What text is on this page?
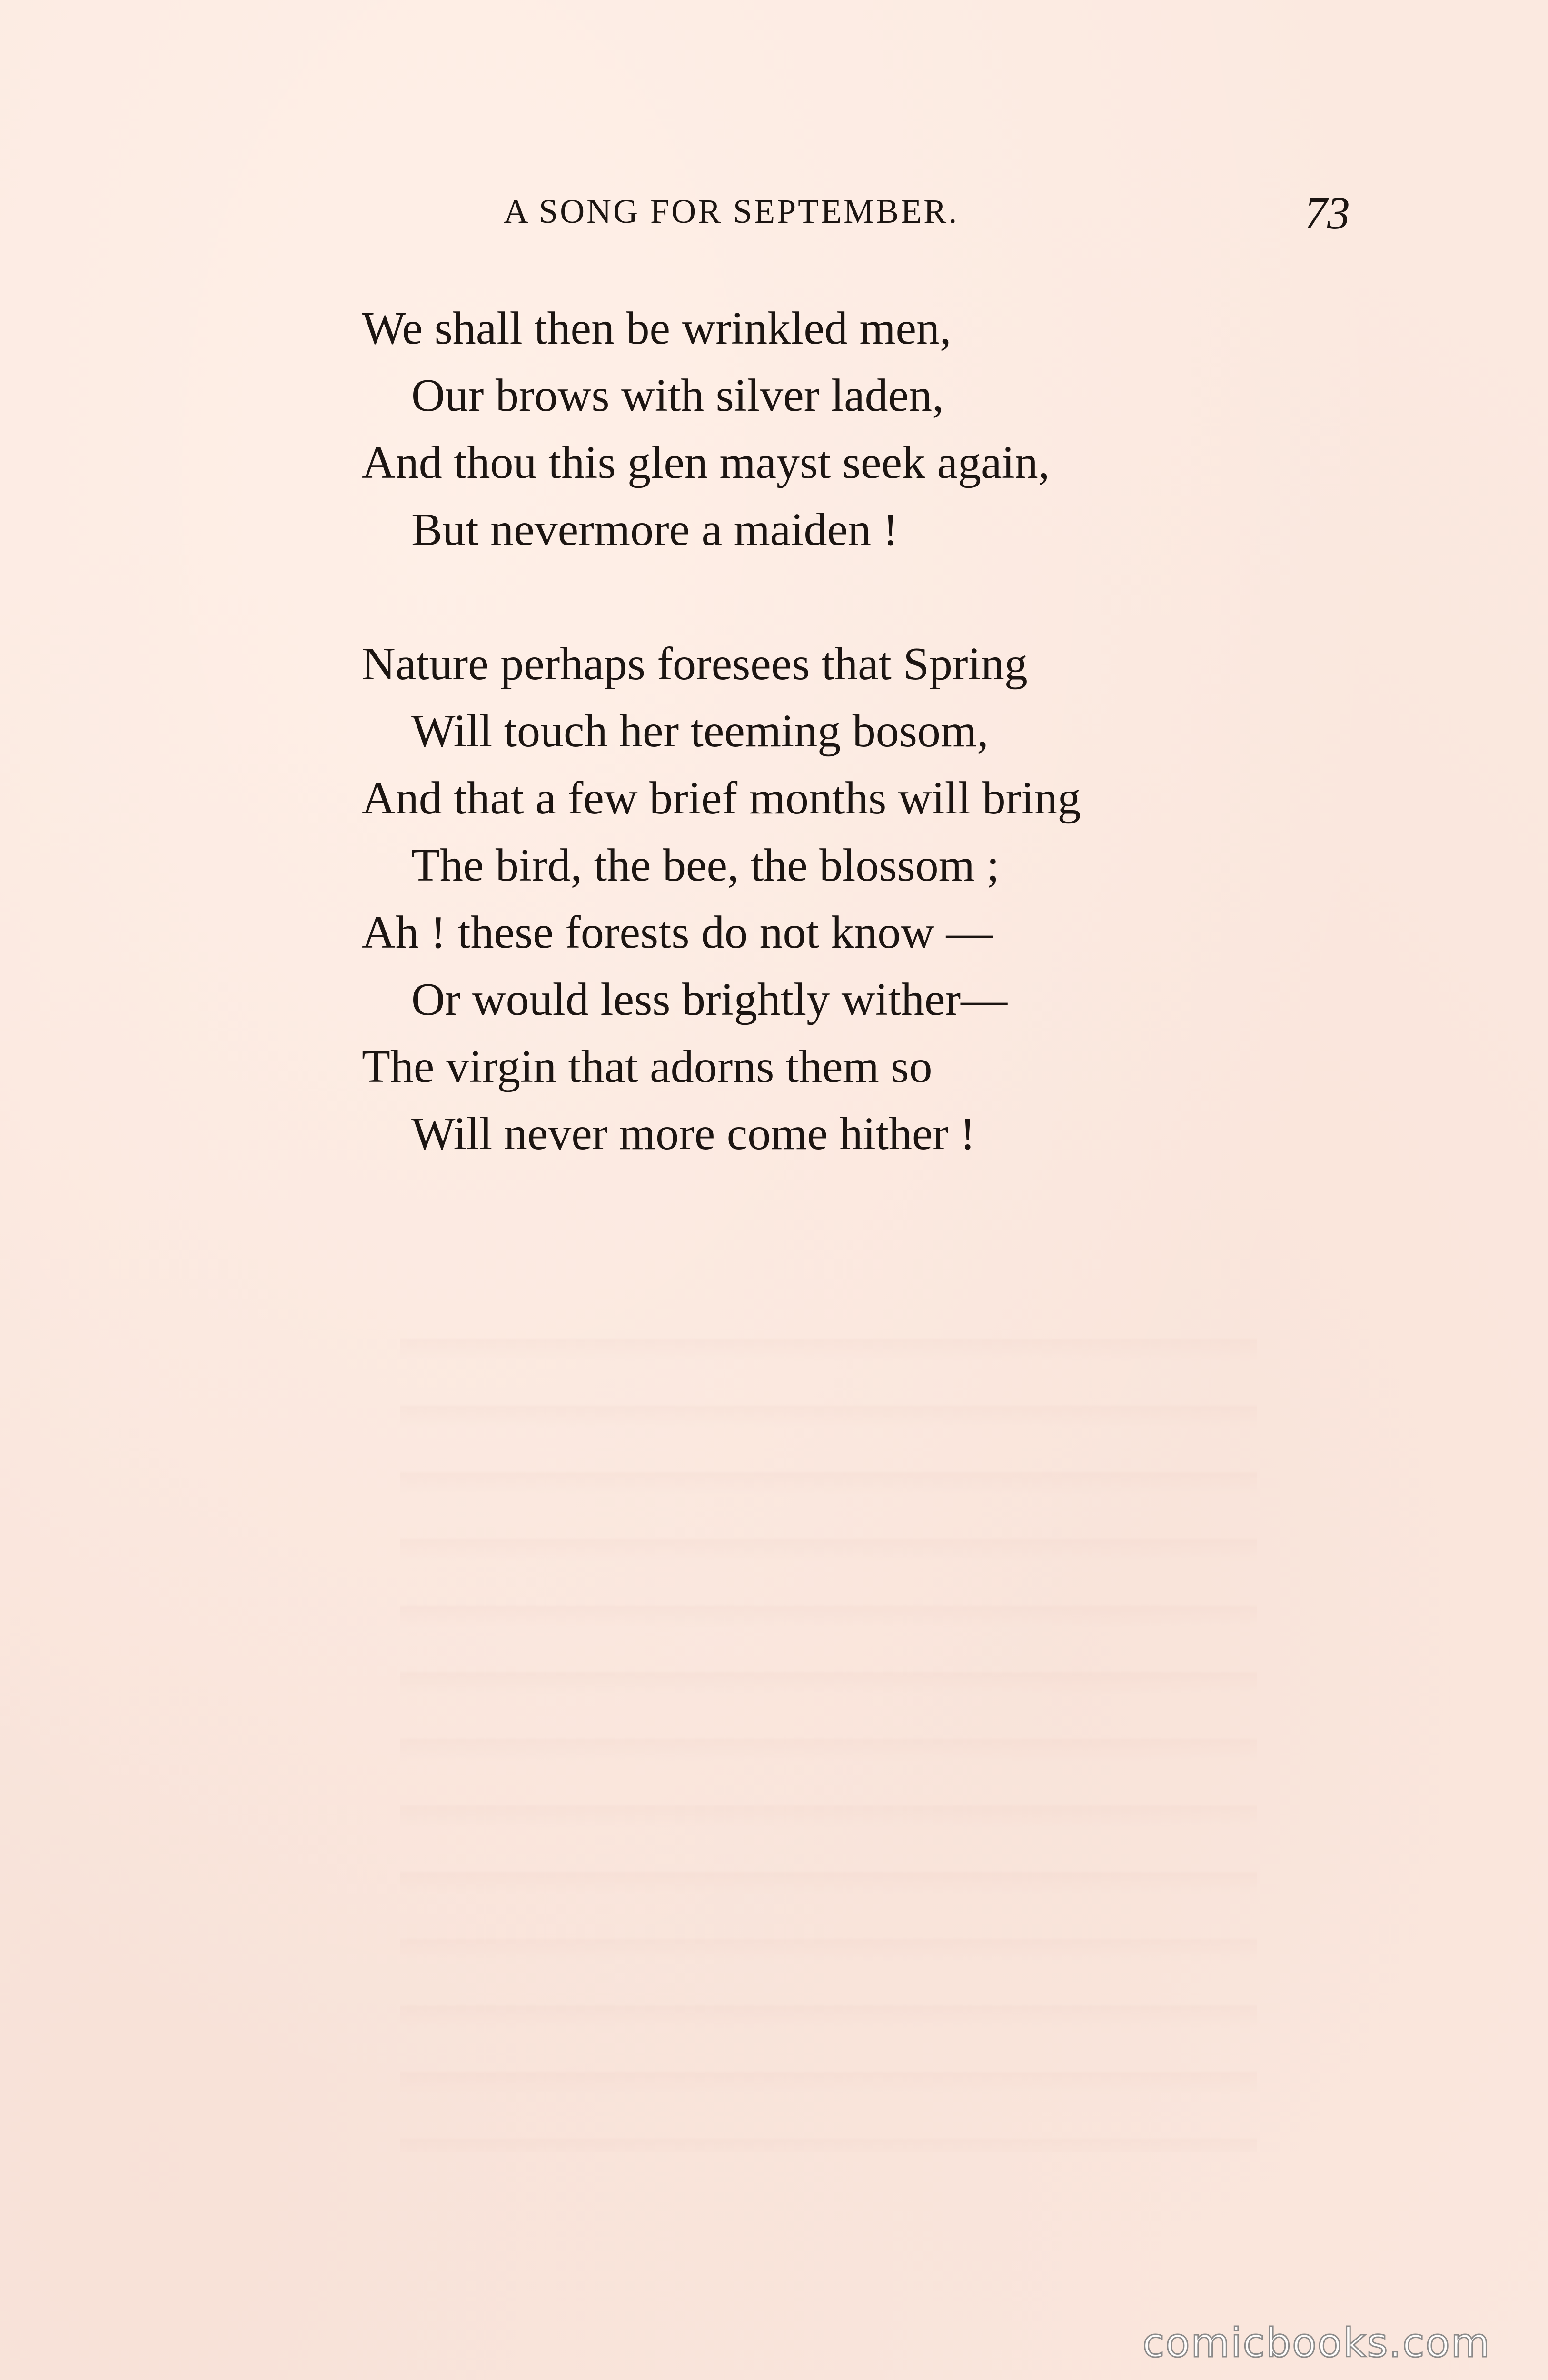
A SONG FOR SEPTEMBER.	73
We shall then be wrinkled men,
Our brows with silver laden,
And thou this glen mayst seek again,
But nevermore a maiden !
Nature perhaps foresees that Spring
Will touch her teeming bosom,
And that a few brief months will bring
The bird, the bee, the blossom ;
Ah ! these forests do not know —
Or would less brightly wither—
The virgin that adorns them so
Will never more come hither !
comicbooks.com
